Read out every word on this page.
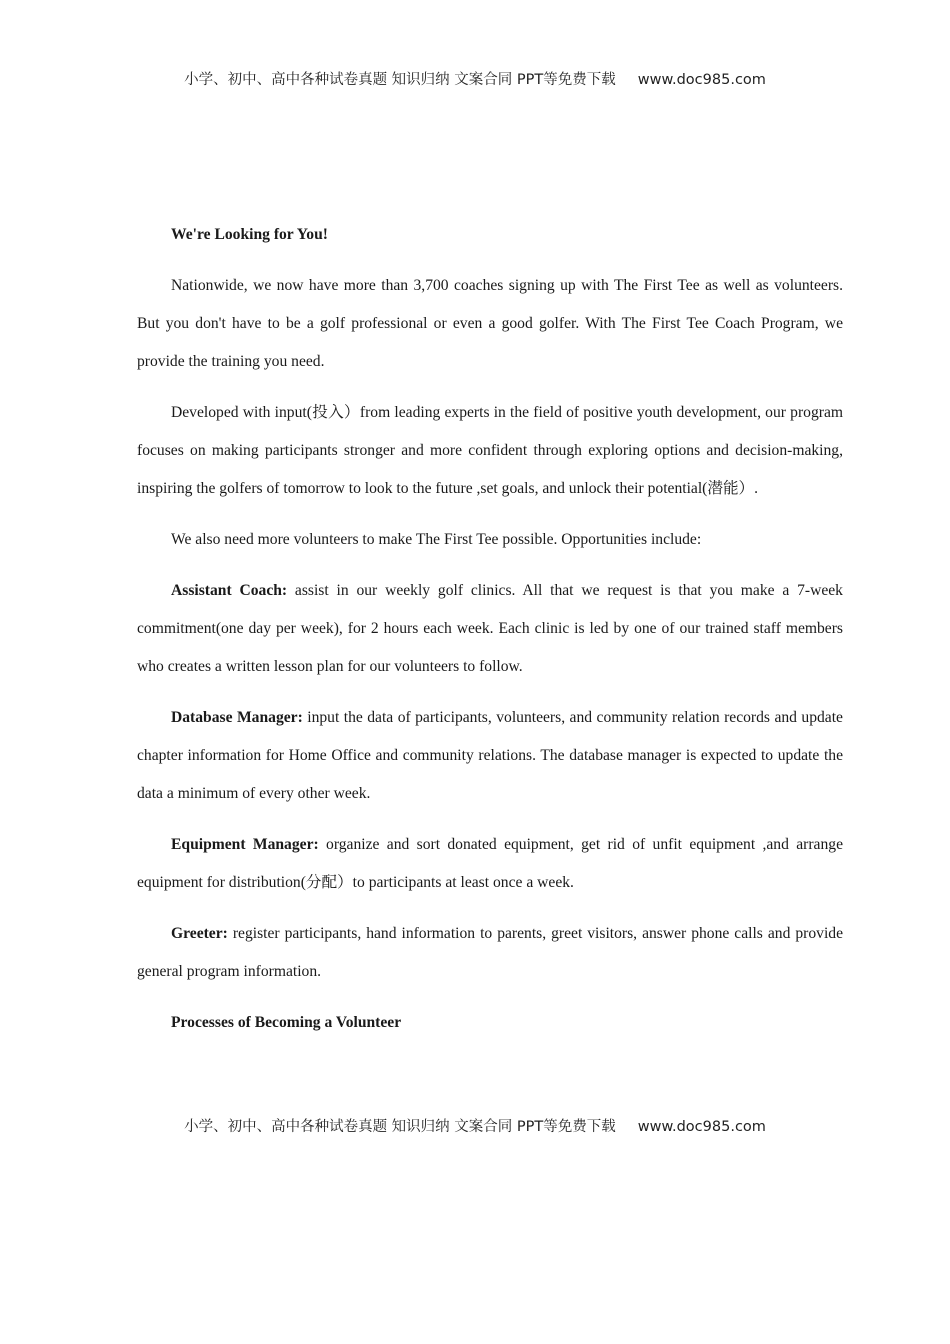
小学、初中、高中各种试卷真题 知识归纳 文案合同 PPT等免费下载 www.doc985.com

We're Looking for You!

Nationwide, we now have more than 3,700 coaches signing up with The First Tee as well as volunteers. But you don't have to be a golf professional or even a good golfer. With The First Tee Coach Program, we provide the training you need.

Developed with input(投入）from leading experts in the field of positive youth development, our program focuses on making participants stronger and more confident through exploring options and decision-making, inspiring the golfers of tomorrow to look to the future ,set goals, and unlock their potential(潜能）.

We also need more volunteers to make The First Tee possible. Opportunities include:

Assistant Coach: assist in our weekly golf clinics. All that we request is that you make a 7-week commitment(one day per week), for 2 hours each week. Each clinic is led by one of our trained staff members who creates a written lesson plan for our volunteers to follow.

Database Manager: input the data of participants, volunteers, and community relation records and update chapter information for Home Office and community relations. The database manager is expected to update the data a minimum of every other week.

Equipment Manager: organize and sort donated equipment, get rid of unfit equipment ,and arrange equipment for distribution(分配）to participants at least once a week.

Greeter: register participants, hand information to parents, greet visitors, answer phone calls and provide general program information.

Processes of Becoming a Volunteer

小学、初中、高中各种试卷真题 知识归纳 文案合同 PPT等免费下载 www.doc985.com
